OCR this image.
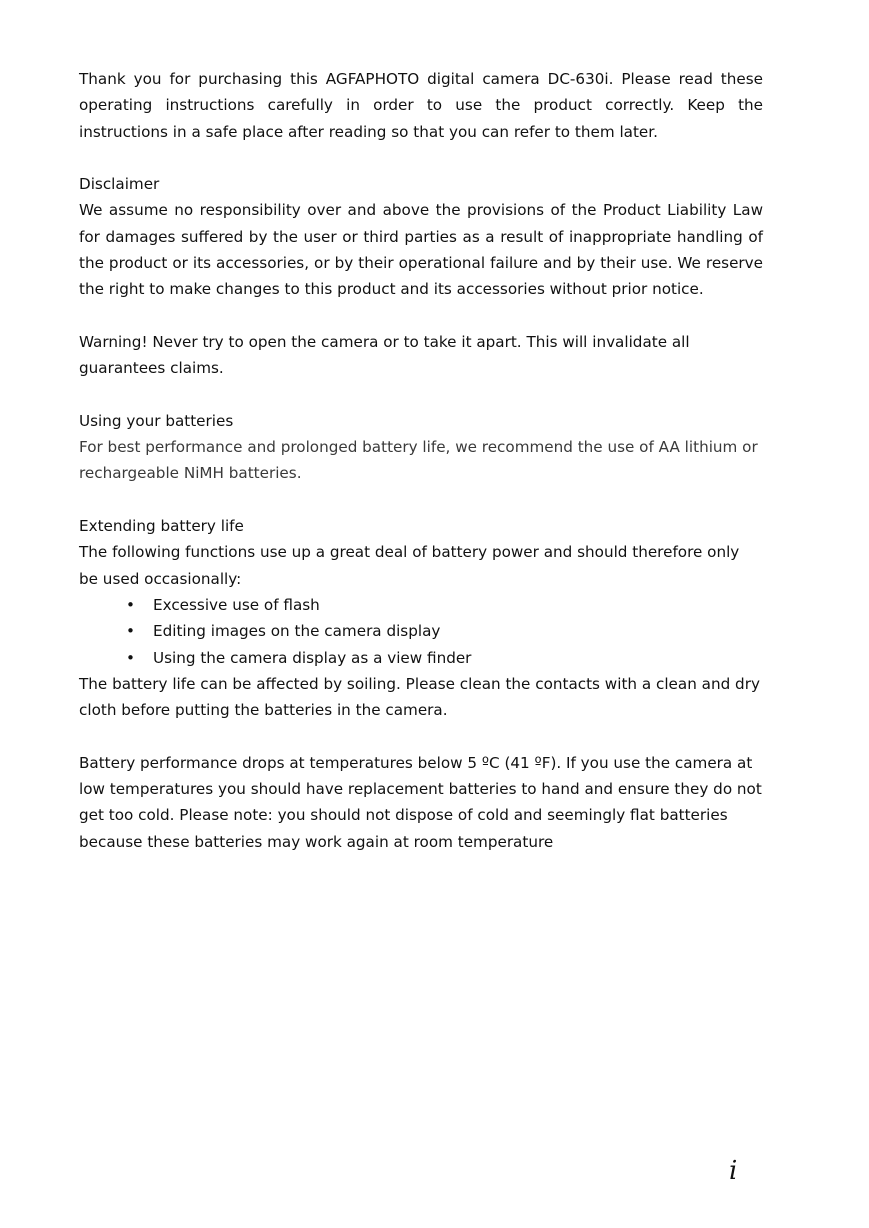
Thank you for purchasing this AGFAPHOTO digital camera DC-630i. Please read these operating instructions carefully in order to use the product correctly. Keep the instructions in a safe place after reading so that you can refer to them later.

Disclaimer

We assume no responsibility over and above the provisions of the Product Liability Law for damages suffered by the user or third parties as a result of inappropriate handling of the product or its accessories, or by their operational failure and by their use. We reserve the right to make changes to this product and its accessories without prior notice.

Warning! Never try to open the camera or to take it apart. This will invalidate all guarantees claims.

Using your batteries

For best performance and prolonged battery life, we recommend the use of AA lithium or rechargeable NiMH batteries.

Extending battery life

The following functions use up a great deal of battery power and should therefore only be used occasionally:

• Excessive use of flash
• Editing images on the camera display
• Using the camera display as a view finder

The battery life can be affected by soiling. Please clean the contacts with a clean and dry cloth before putting the batteries in the camera.

Battery performance drops at temperatures below 5 ºC (41 ºF). If you use the camera at low temperatures you should have replacement batteries to hand and ensure they do not get too cold. Please note: you should not dispose of cold and seemingly flat batteries because these batteries may work again at room temperature

i
